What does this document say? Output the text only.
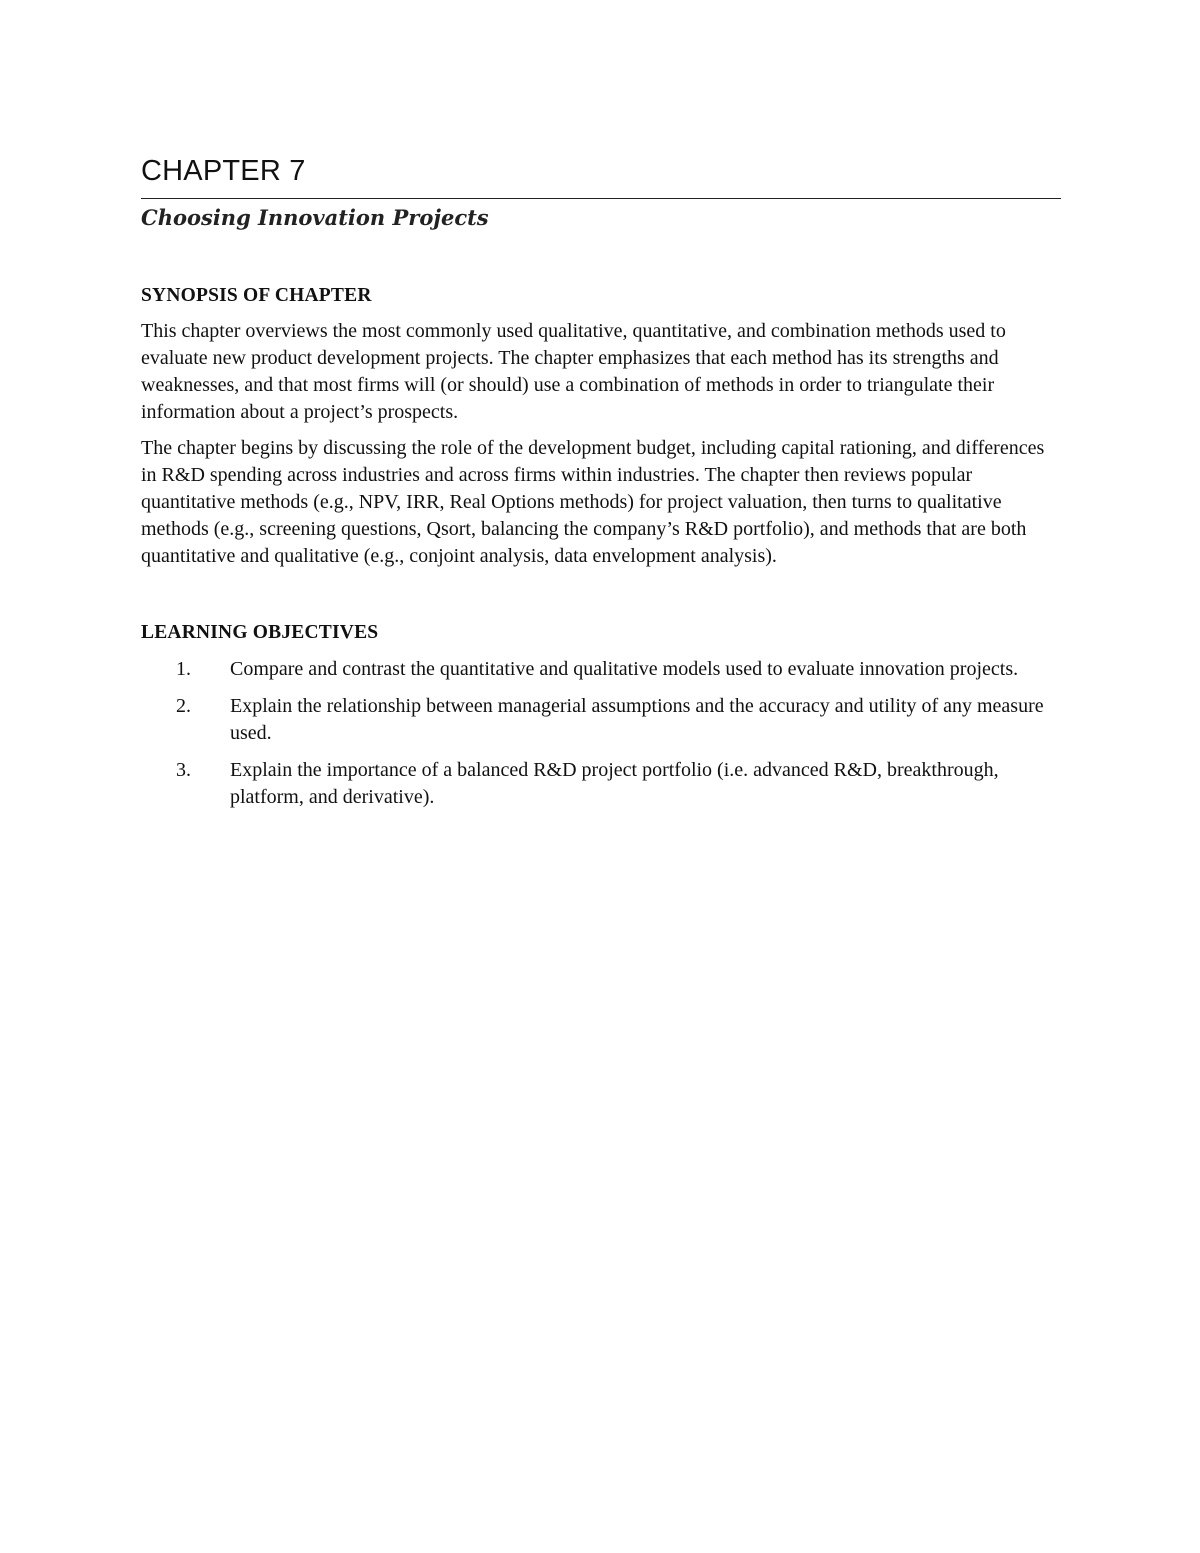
CHAPTER 7
Choosing Innovation Projects
SYNOPSIS OF CHAPTER

This chapter overviews the most commonly used qualitative, quantitative, and combination methods used to evaluate new product development projects. The chapter emphasizes that each method has its strengths and weaknesses, and that most firms will (or should) use a combination of methods in order to triangulate their information about a project’s prospects.

The chapter begins by discussing the role of the development budget, including capital rationing, and differences in R&D spending across industries and across firms within industries. The chapter then reviews popular quantitative methods (e.g., NPV, IRR, Real Options methods) for project valuation, then turns to qualitative methods (e.g., screening questions, Qsort, balancing the company’s R&D portfolio), and methods that are both quantitative and qualitative (e.g., conjoint analysis, data envelopment analysis).

LEARNING OBJECTIVES
1.	Compare and contrast the quantitative and qualitative models used to evaluate innovation projects.
2.	Explain the relationship between managerial assumptions and the accuracy and utility of any measure used.
3.	Explain the importance of a balanced R&D project portfolio (i.e. advanced R&D, breakthrough, platform, and derivative).
